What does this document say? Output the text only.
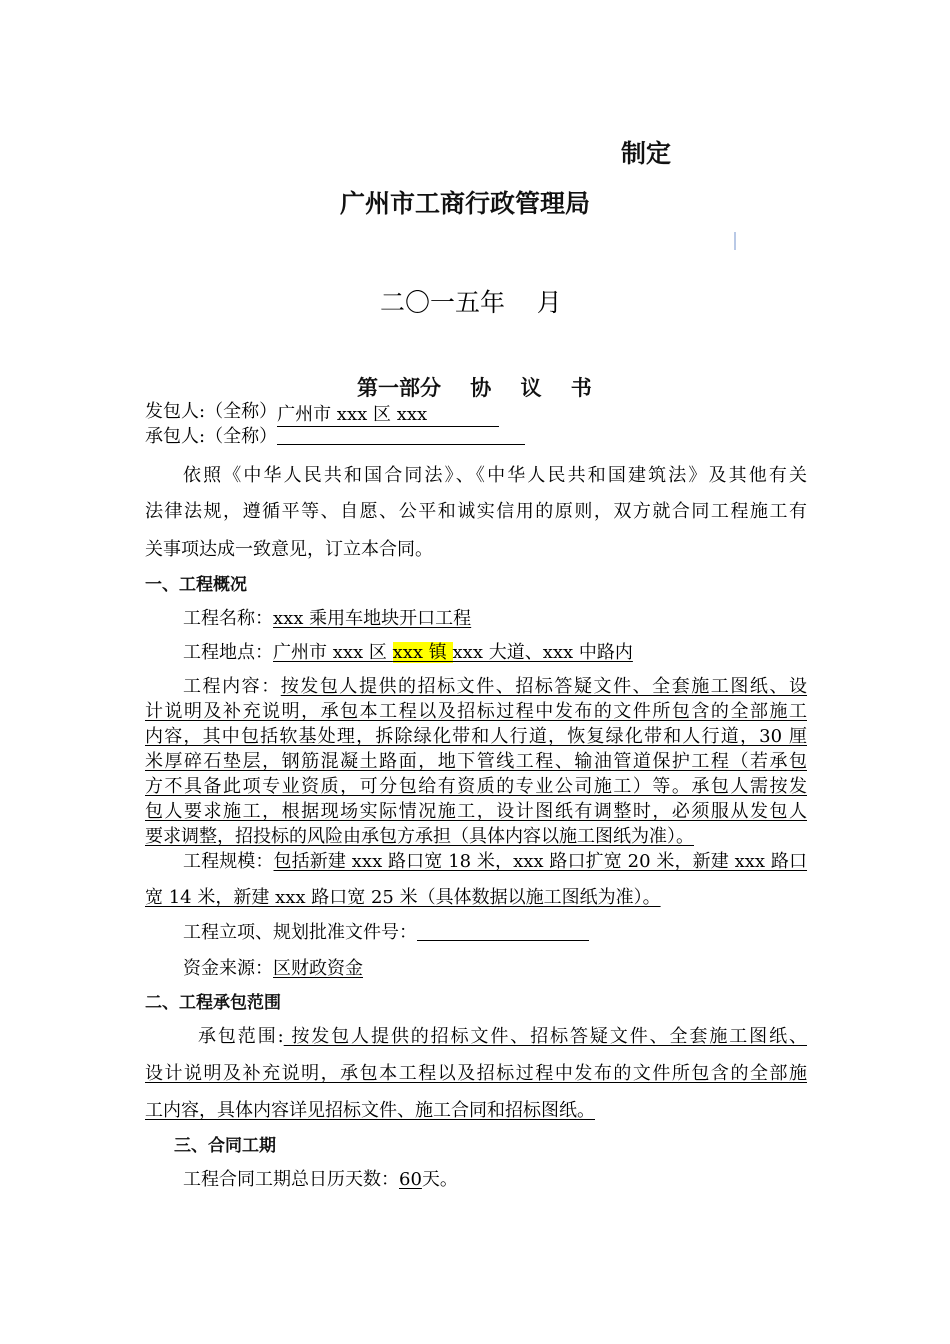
制定
广州市工商行政管理局
二〇一五年    月
第一部分    协    议    书
发包人:（全称）广州市 xxx 区 xxx
承包人:（全称）
依照《中华人民共和国合同法》、《中华人民共和国建筑法》及其他有关
法律法规，遵循平等、自愿、公平和诚实信用的原则，双方就合同工程施工有
关事项达成一致意见，订立本合同。
一、工程概况
工程名称：xxx 乘用车地块开口工程
工程地点：广州市 xxx 区 xxx 镇 xxx 大道、xxx 中路内
工程内容：按发包人提供的招标文件、招标答疑文件、全套施工图纸、设
计说明及补充说明，承包本工程以及招标过程中发布的文件所包含的全部施工
内容，其中包括软基处理，拆除绿化带和人行道，恢复绿化带和人行道，30 厘
米厚碎石垫层，钢筋混凝土路面，地下管线工程、输油管道保护工程（若承包
方不具备此项专业资质，可分包给有资质的专业公司施工）等。承包人需按发
包人要求施工，根据现场实际情况施工，设计图纸有调整时，必须服从发包人
要求调整，招投标的风险由承包方承担（具体内容以施工图纸为准）。
工程规模：包括新建 xxx 路口宽 18 米，xxx 路口扩宽 20 米，新建 xxx 路口
宽 14 米，新建 xxx 路口宽 25 米（具体数据以施工图纸为准）。
工程立项、规划批准文件号：
资金来源：区财政资金
二、工程承包范围
承包范围: 按发包人提供的招标文件、招标答疑文件、全套施工图纸、
设计说明及补充说明，承包本工程以及招标过程中发布的文件所包含的全部施
工内容，具体内容详见招标文件、施工合同和招标图纸。
三、合同工期
工程合同工期总日历天数：60天。
